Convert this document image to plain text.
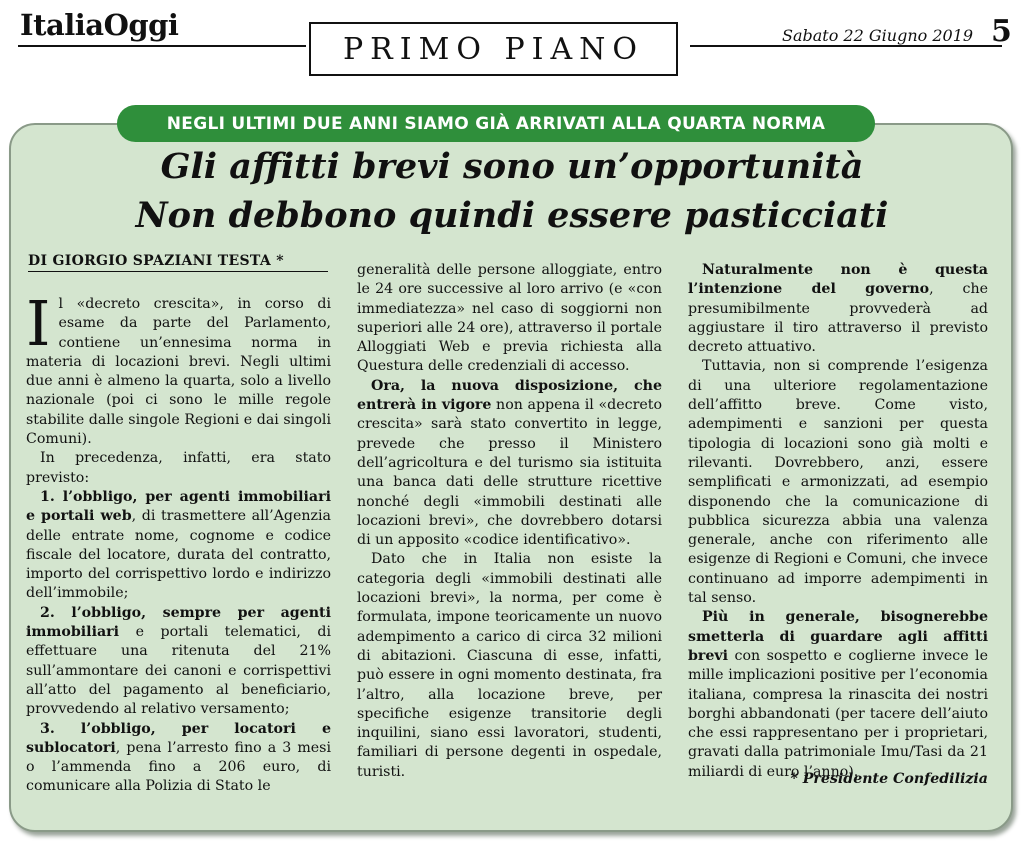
ItaliaOggi
PRIMO PIANO	Sabato 22 Giugno 2019 5
NEGLI ULTIMI DUE ANNI SIAMO GIÀ ARRIVATI ALLA QUARTA NORMA
Gli affitti brevi sono un’opportunità
Non debbono quindi essere pasticciati
DI GIORGIO SPAZIANI TESTA *

Il «decreto crescita», in corso di esame da parte del Parlamento, contiene un’ennesima norma in materia di locazioni brevi. Negli ultimi due anni è almeno la quarta, solo a livello nazionale (poi ci sono le mille regole stabilite dalle singole Regioni e dai singoli Comuni).

In precedenza, infatti, era stato previsto:

1. l’obbligo, per agenti immobiliari e portali web, di trasmettere all’Agenzia delle entrate nome, cognome e codice fiscale del locatore, durata del contratto, importo del corrispettivo lordo e indirizzo dell’immobile;

2. l’obbligo, sempre per agenti immobiliari e portali telematici, di effettuare una ritenuta del 21% sull’ammontare dei canoni e corrispettivi all’atto del pagamento al beneficiario, provvedendo al relativo versamento;

3. l’obbligo, per locatori e sublocatori, pena l’arresto fino a 3 mesi o l’ammenda fino a 206 euro, di comunicare alla Polizia di Stato le

generalità delle persone alloggiate, entro le 24 ore successive al loro arrivo (e «con immediatezza» nel caso di soggiorni non superiori alle 24 ore), attraverso il portale Alloggiati Web e previa richiesta alla Questura delle credenziali di accesso.

Ora, la nuova disposizione, che entrerà in vigore non appena il «decreto crescita» sarà stato convertito in legge, prevede che presso il Ministero dell’agricoltura e del turismo sia istituita una banca dati delle strutture ricettive nonché degli «immobili destinati alle locazioni brevi», che dovrebbero dotarsi di un apposito «codice identificativo».

Dato che in Italia non esiste la categoria degli «immobili destinati alle locazioni brevi», la norma, per come è formulata, impone teoricamente un nuovo adempimento a carico di circa 32 milioni di abitazioni. Ciascuna di esse, infatti, può essere in ogni momento destinata, fra l’altro, alla locazione breve, per specifiche esigenze transitorie degli inquilini, siano essi lavoratori, studenti, familiari di persone degenti in ospedale, turisti.

Naturalmente non è questa l’intenzione del governo, che presumibilmente provvederà ad aggiustare il tiro attraverso il previsto decreto attuativo.

Tuttavia, non si comprende l’esigenza di una ulteriore regolamentazione dell’affitto breve. Come visto, adempimenti e sanzioni per questa tipologia di locazioni sono già molti e rilevanti. Dovrebbero, anzi, essere semplificati e armonizzati, ad esempio disponendo che la comunicazione di pubblica sicurezza abbia una valenza generale, anche con riferimento alle esigenze di Regioni e Comuni, che invece continuano ad imporre adempimenti in tal senso.

Più in generale, bisognerebbe smetterla di guardare agli affitti brevi con sospetto e coglierne invece le mille implicazioni positive per l’economia italiana, compresa la rinascita dei nostri borghi abbandonati (per tacere dell’aiuto che essi rappresentano per i proprietari, gravati dalla patrimoniale Imu/Tasi da 21 miliardi di euro l’anno).

* Presidente Confedilizia
